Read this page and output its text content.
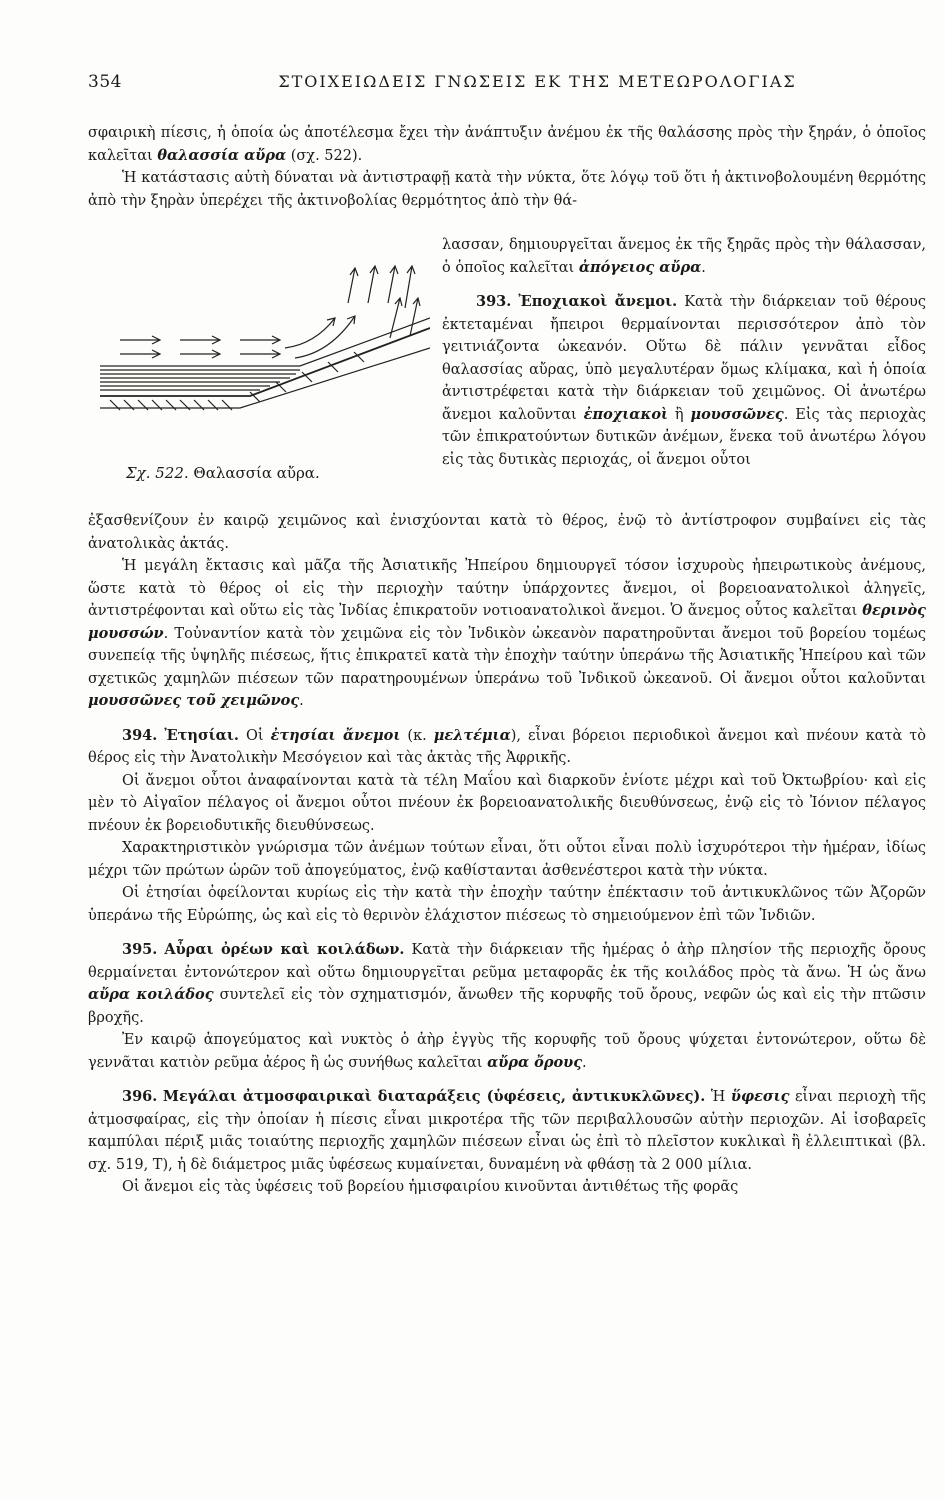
354	ΣΤΟΙΧΕΙΩΔΕΙΣ ΓΝΩΣΕΙΣ ΕΚ ΤΗΣ ΜΕΤΕΩΡΟΛΟΓΙΑΣ

σφαιρικὴ πίεσις, ἡ ὁποία ὡς ἀποτέλεσμα ἔχει τὴν ἀνάπτυξιν ἀνέμου ἐκ τῆς θαλάσσης πρὸς τὴν ξηράν, ὁ ὁποῖος καλεῖται θαλασσία αὔρα (σχ. 522).

Ἡ κατάστασις αὐτὴ δύναται νὰ ἀντιστραφῇ κατὰ τὴν νύκτα, ὅτε λόγῳ τοῦ ὅτι ἡ ἀκτινοβολουμένη θερμότης ἀπὸ τὴν ξηρὰν ὑπερέχει τῆς ἀκτινοβολίας θερμότητος ἀπὸ τὴν θά-

Σχ. 522. Θαλασσία αὔρα.

λασσαν, δημιουργεῖται ἄνεμος ἐκ τῆς ξηρᾶς πρὸς τὴν θάλασσαν, ὁ ὁποῖος καλεῖται ἀπόγειος αὔρα.

393. Ἐποχιακοὶ ἄνεμοι. Κατὰ τὴν διάρκειαν τοῦ θέρους ἐκτεταμέναι ἤπειροι θερμαίνονται περισσότερον ἀπὸ τὸν γειτνιάζοντα ὠκεανόν. Οὕτω δὲ πάλιν γεννᾶται εἶδος θαλασσίας αὔρας, ὑπὸ μεγαλυτέραν ὅμως κλίμακα, καὶ ἡ ὁποία ἀντιστρέφεται κατὰ τὴν διάρκειαν τοῦ χειμῶνος. Οἱ ἀνωτέρω ἄνεμοι καλοῦνται ἐποχιακοὶ ἢ μουσσῶνες. Εἰς τὰς περιοχὰς τῶν ἐπικρατούντων δυτικῶν ἀνέμων, ἕνεκα τοῦ ἀνωτέρω λόγου εἰς τὰς δυτικὰς περιοχάς, οἱ ἄνεμοι οὗτοι

ἐξασθενίζουν ἐν καιρῷ χειμῶνος καὶ ἐνισχύονται κατὰ τὸ θέρος, ἐνῷ τὸ ἀντίστροφον συμβαίνει εἰς τὰς ἀνατολικὰς ἀκτάς.

Ἡ μεγάλη ἔκτασις καὶ μᾶζα τῆς Ἀσιατικῆς Ἠπείρου δημιουργεῖ τόσον ἰσχυροὺς ἠπειρωτικοὺς ἀνέμους, ὥστε κατὰ τὸ θέρος οἱ εἰς τὴν περιοχὴν ταύτην ὑπάρχοντες ἄνεμοι, οἱ βορειοανατολικοὶ ἀληγεῖς, ἀντιστρέφονται καὶ οὕτω εἰς τὰς Ἰνδίας ἐπικρατοῦν νοτιοανατολικοὶ ἄνεμοι. Ὁ ἄνεμος οὗτος καλεῖται θερινὸς μουσσών. Τοὐναντίον κατὰ τὸν χειμῶνα εἰς τὸν Ἰνδικὸν ὠκεανὸν παρατηροῦνται ἄνεμοι τοῦ βορείου τομέως συνεπείᾳ τῆς ὑψηλῆς πιέσεως, ἥτις ἐπικρατεῖ κατὰ τὴν ἐποχὴν ταύτην ὑπεράνω τῆς Ἀσιατικῆς Ἠπείρου καὶ τῶν σχετικῶς χαμηλῶν πιέσεων τῶν παρατηρουμένων ὑπεράνω τοῦ Ἰνδικοῦ ὠκεανοῦ. Οἱ ἄνεμοι οὗτοι καλοῦνται μουσσῶνες τοῦ χειμῶνος.

394. Ἐτησίαι. Οἱ ἐτησίαι ἄνεμοι (κ. μελτέμια), εἶναι βόρειοι περιοδικοὶ ἄνεμοι καὶ πνέουν κατὰ τὸ θέρος εἰς τὴν Ἀνατολικὴν Μεσόγειον καὶ τὰς ἀκτὰς τῆς Ἀφρικῆς.

Οἱ ἄνεμοι οὗτοι ἀναφαίνονται κατὰ τὰ τέλη Μαΐου καὶ διαρκοῦν ἐνίοτε μέχρι καὶ τοῦ Ὀκτωβρίου· καὶ εἰς μὲν τὸ Αἰγαῖον πέλαγος οἱ ἄνεμοι οὗτοι πνέουν ἐκ βορειοανατολικῆς διευθύνσεως, ἐνῷ εἰς τὸ Ἰόνιον πέλαγος πνέουν ἐκ βορειοδυτικῆς διευθύνσεως.

Χαρακτηριστικὸν γνώρισμα τῶν ἀνέμων τούτων εἶναι, ὅτι οὗτοι εἶναι πολὺ ἰσχυρότεροι τὴν ἡμέραν, ἰδίως μέχρι τῶν πρώτων ὡρῶν τοῦ ἀπογεύματος, ἐνῷ καθίστανται ἀσθενέστεροι κατὰ τὴν νύκτα.

Οἱ ἐτησίαι ὀφείλονται κυρίως εἰς τὴν κατὰ τὴν ἐποχὴν ταύτην ἐπέκτασιν τοῦ ἀντικυκλῶνος τῶν Ἀζορῶν ὑπεράνω τῆς Εὐρώπης, ὡς καὶ εἰς τὸ θερινὸν ἐλάχιστον πιέσεως τὸ σημειούμενον ἐπὶ τῶν Ἰνδιῶν.

395. Αὖραι ὀρέων καὶ κοιλάδων. Κατὰ τὴν διάρκειαν τῆς ἡμέρας ὁ ἀὴρ πλησίον τῆς περιοχῆς ὄρους θερμαίνεται ἐντονώτερον καὶ οὕτω δημιουργεῖται ρεῦμα μεταφορᾶς ἐκ τῆς κοιλάδος πρὸς τὰ ἄνω. Ἡ ὡς ἄνω αὔρα κοιλάδος συντελεῖ εἰς τὸν σχηματισμόν, ἄνωθεν τῆς κορυφῆς τοῦ ὄρους, νεφῶν ὡς καὶ εἰς τὴν πτῶσιν βροχῆς.

Ἐν καιρῷ ἀπογεύματος καὶ νυκτὸς ὁ ἀὴρ ἐγγὺς τῆς κορυφῆς τοῦ ὄρους ψύχεται ἐντονώτερον, οὕτω δὲ γεννᾶται κατιὸν ρεῦμα ἀέρος ἢ ὡς συνήθως καλεῖται αὔρα ὄρους.

396. Μεγάλαι ἀτμοσφαιρικαὶ διαταράξεις (ὑφέσεις, ἀντικυκλῶνες). Ἡ ὕφεσις εἶναι περιοχὴ τῆς ἀτμοσφαίρας, εἰς τὴν ὁποίαν ἡ πίεσις εἶναι μικροτέρα τῆς τῶν περιβαλλουσῶν αὐτὴν περιοχῶν. Αἱ ἰσοβαρεῖς καμπύλαι πέριξ μιᾶς τοιαύτης περιοχῆς χαμηλῶν πιέσεων εἶναι ὡς ἐπὶ τὸ πλεῖστον κυκλικαὶ ἢ ἐλλειπτικαὶ (βλ. σχ. 519, Τ), ἡ δὲ διάμετρος μιᾶς ὑφέσεως κυμαίνεται, δυναμένη νὰ φθάσῃ τὰ 2 000 μίλια.

Οἱ ἄνεμοι εἰς τὰς ὑφέσεις τοῦ βορείου ἡμισφαιρίου κινοῦνται ἀντιθέτως τῆς φορᾶς
